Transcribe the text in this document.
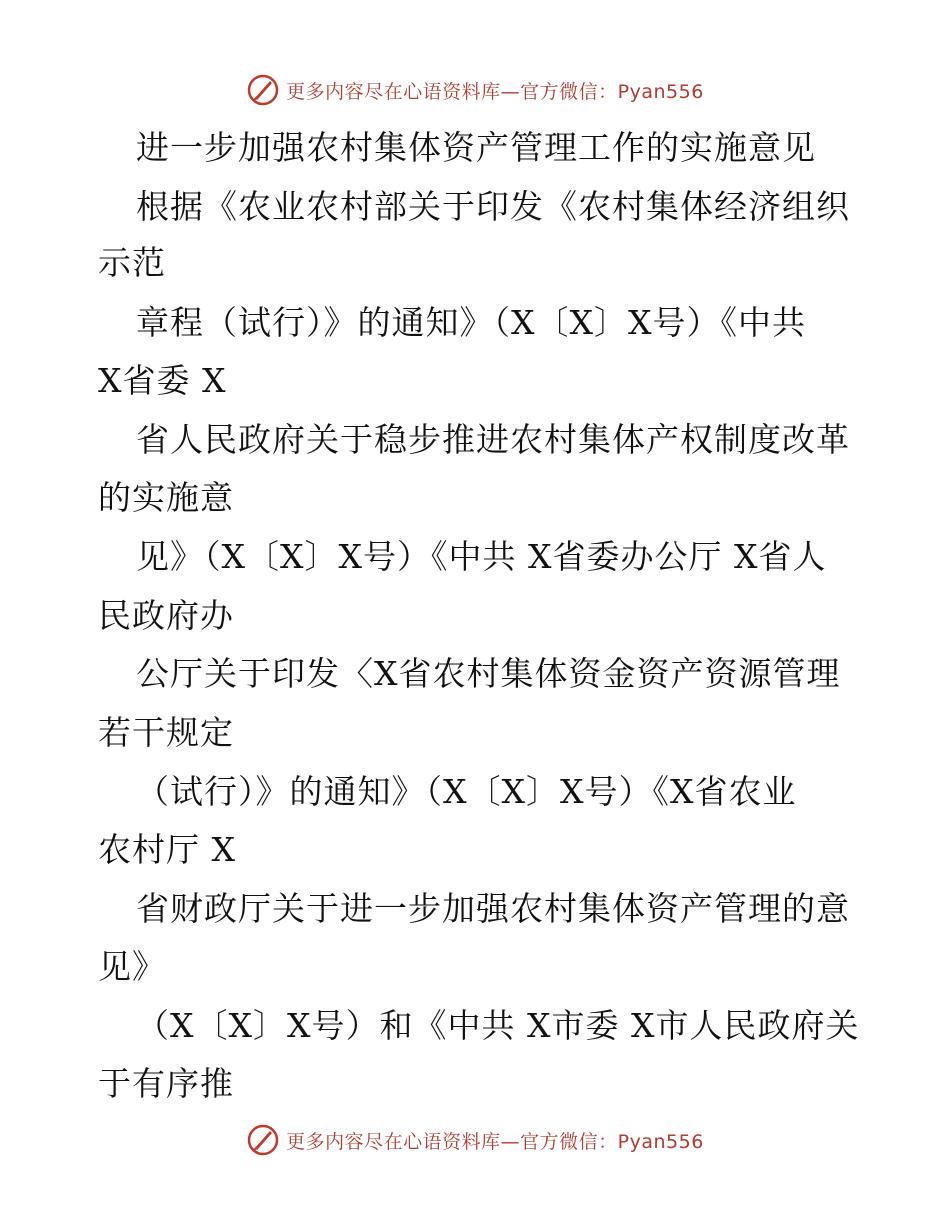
更多内容尽在心语资料库—官方微信：Pyan556
进一步加强农村集体资产管理工作的实施意见
根据《农业农村部关于印发《农村集体经济组织
示范
章程（试行）》的通知》（X〔X〕X号）《中共
X省委 X
省人民政府关于稳步推进农村集体产权制度改革
的实施意
见》（X〔X〕X号）《中共 X省委办公厅 X省人
民政府办
公厅关于印发〈X省农村集体资金资产资源管理
若干规定
（试行）》的通知》（X〔X〕X号）《X省农业
农村厅 X
省财政厅关于进一步加强农村集体资产管理的意
见》
（X〔X〕X号）和《中共 X市委 X市人民政府关
于有序推
更多内容尽在心语资料库—官方微信：Pyan556
